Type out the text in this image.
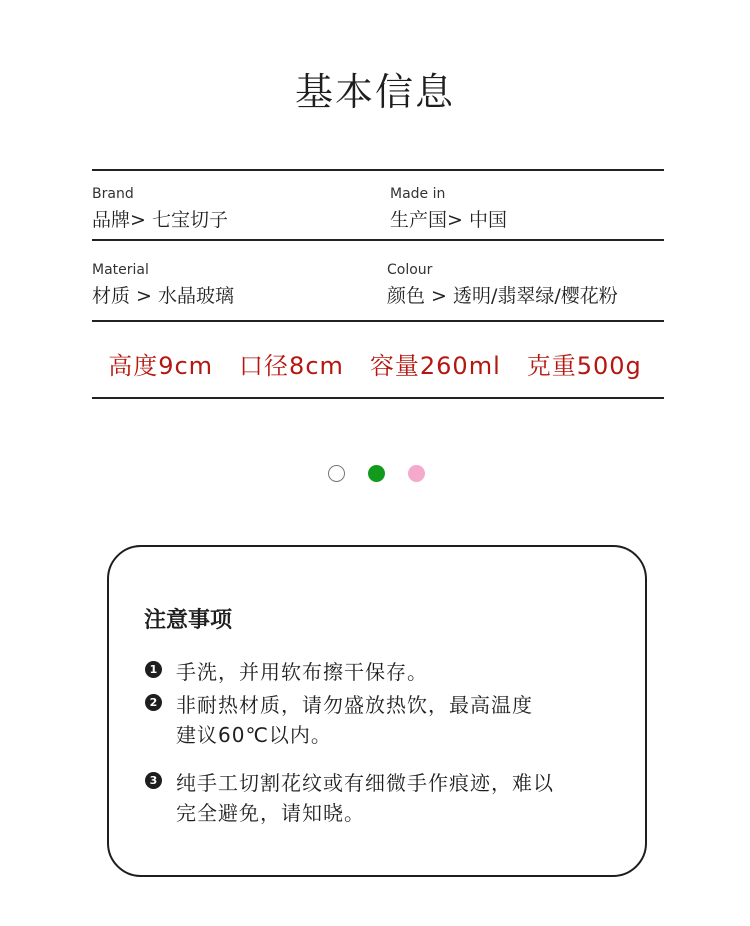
基本信息
Brand
品牌> 七宝切子
Made in
生产国> 中国
Material
材质 > 水晶玻璃
Colour
颜色 > 透明/翡翠绿/樱花粉
高度9cm 口径8cm 容量260ml 克重500g
注意事项
1 手洗，并用软布擦干保存。
2 非耐热材质，请勿盛放热饮，最高温度
建议60℃以内。
3 纯手工切割花纹或有细微手作痕迹，难以
完全避免，请知晓。
